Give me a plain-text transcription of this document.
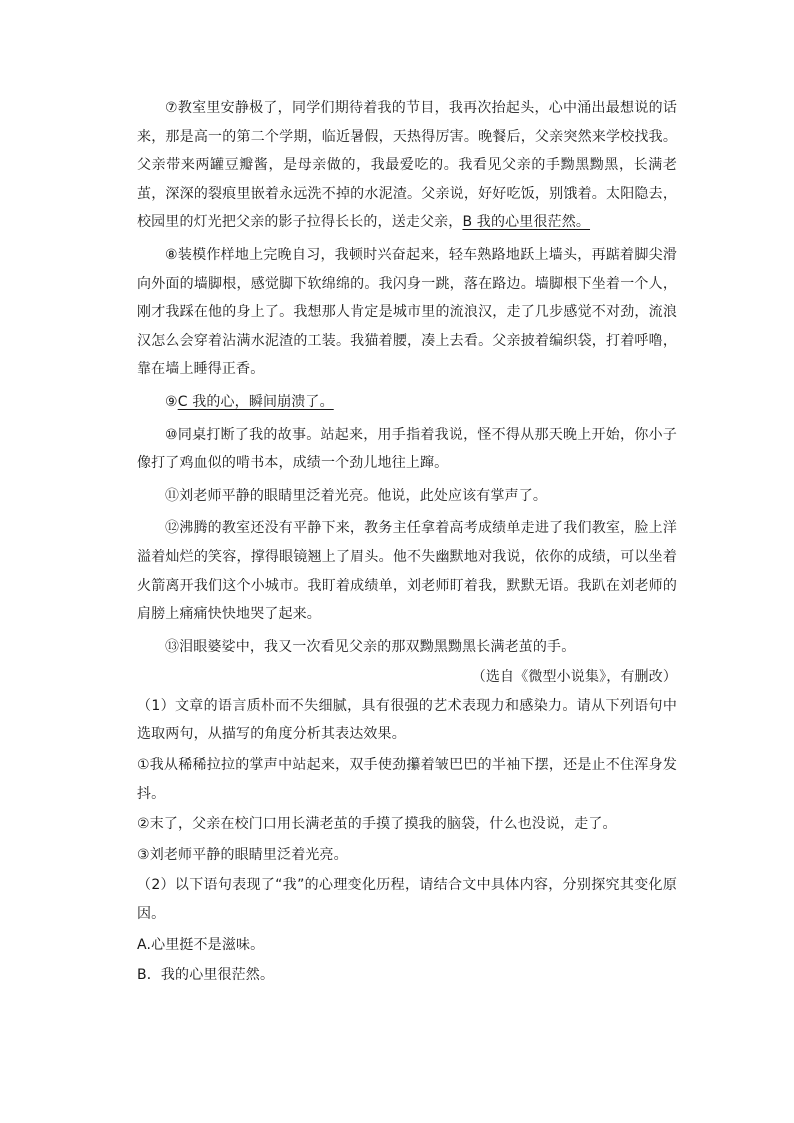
⑦教室里安静极了，同学们期待着我的节目，我再次抬起头，心中涌出最想说的话来，那是高一的第二个学期，临近暑假，天热得厉害。晚餐后，父亲突然来学校找我。父亲带来两罐豆瓣酱，是母亲做的，我最爱吃的。我看见父亲的手黝黑黝黑，长满老茧，深深的裂痕里嵌着永远洗不掉的水泥渣。父亲说，好好吃饭，别饿着。太阳隐去，校园里的灯光把父亲的影子拉得长长的，送走父亲，B 我的心里很茫然。

⑧装模作样地上完晚自习，我顿时兴奋起来，轻车熟路地跃上墙头，再踮着脚尖滑向外面的墙脚根，感觉脚下软绵绵的。我闪身一跳，落在路边。墙脚根下坐着一个人，刚才我踩在他的身上了。我想那人肯定是城市里的流浪汉，走了几步感觉不对劲，流浪汉怎么会穿着沾满水泥渣的工装。我猫着腰，凑上去看。父亲披着编织袋，打着呼噜，靠在墙上睡得正香。

⑨C 我的心，瞬间崩溃了。

⑩同桌打断了我的故事。站起来，用手指着我说，怪不得从那天晚上开始，你小子像打了鸡血似的啃书本，成绩一个劲儿地往上蹿。

⑪刘老师平静的眼睛里泛着光亮。他说，此处应该有掌声了。

⑫沸腾的教室还没有平静下来，教务主任拿着高考成绩单走进了我们教室，脸上洋溢着灿烂的笑容，撑得眼镜翘上了眉头。他不失幽默地对我说，依你的成绩，可以坐着火箭离开我们这个小城市。我盯着成绩单，刘老师盯着我，默默无语。我趴在刘老师的肩膀上痛痛快快地哭了起来。

⑬泪眼婆娑中，我又一次看见父亲的那双黝黑黝黑长满老茧的手。

（选自《微型小说集》，有删改）

（1）文章的语言质朴而不失细腻，具有很强的艺术表现力和感染力。请从下列语句中选取两句，从描写的角度分析其表达效果。

①我从稀稀拉拉的掌声中站起来，双手使劲攥着皱巴巴的半袖下摆，还是止不住浑身发抖。

②末了，父亲在校门口用长满老茧的手摸了摸我的脑袋，什么也没说，走了。

③刘老师平静的眼睛里泛着光亮。

（2）以下语句表现了“我”的心理变化历程，请结合文中具体内容，分别探究其变化原因。

A.心里挺不是滋味。

B．我的心里很茫然。
